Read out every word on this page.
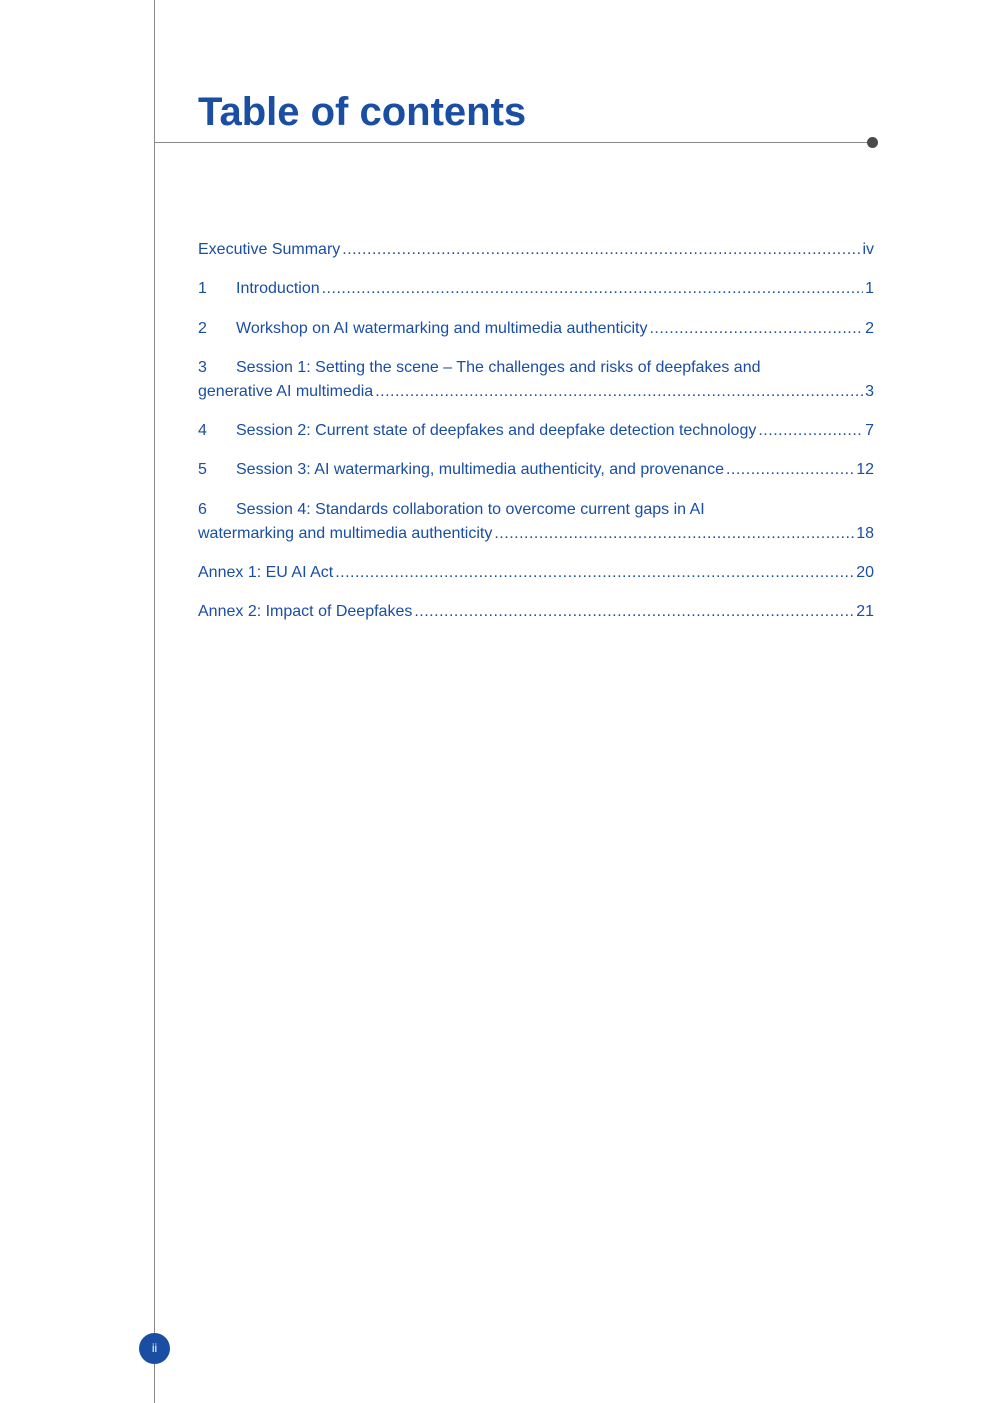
Table of contents
Executive Summary .....	iv
1	Introduction .....	1
2	Workshop on AI watermarking and multimedia authenticity .....	2
3	Session 1: Setting the scene – The challenges and risks of deepfakes and
generative AI multimedia .....	3
4	Session 2: Current state of deepfakes and deepfake detection technology .....	7
5	Session 3: AI watermarking, multimedia authenticity, and provenance .....	12
6	Session 4: Standards collaboration to overcome current gaps in AI
watermarking and multimedia authenticity .....	18
Annex 1: EU AI Act .....	20
Annex 2: Impact of Deepfakes .....	21
ii
